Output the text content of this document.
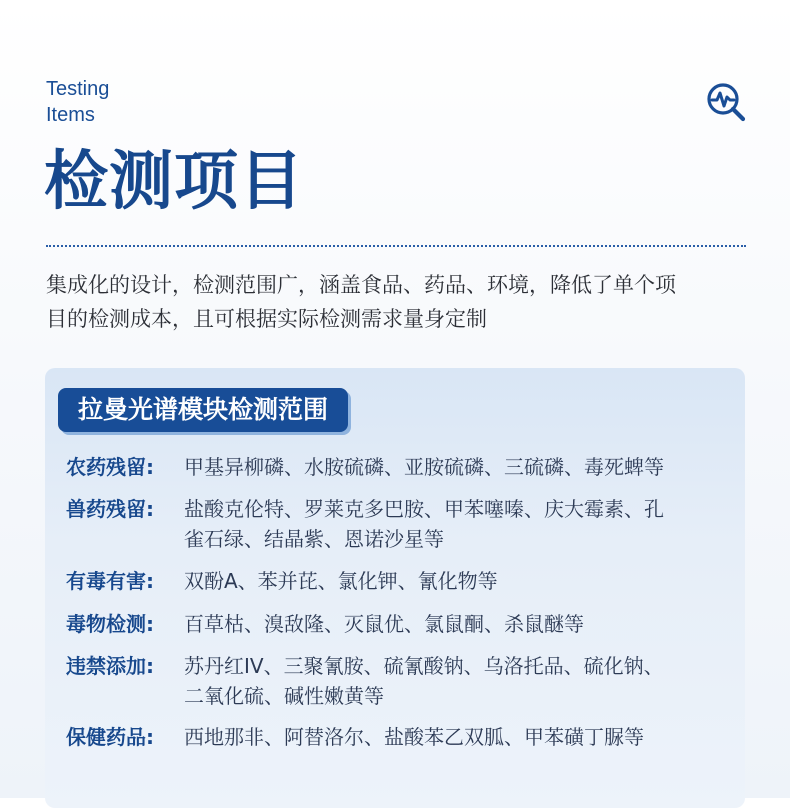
Testing
Items
检测项目
集成化的设计，检测范围广，涵盖食品、药品、环境，降低了单个项
目的检测成本，且可根据实际检测需求量身定制
拉曼光谱模块检测范围
农药残留:	甲基异柳磷、水胺硫磷、亚胺硫磷、三硫磷、毒死蜱等
兽药残留:	盐酸克伦特、罗莱克多巴胺、甲苯噻嗪、庆大霉素、孔
雀石绿、结晶紫、恩诺沙星等
有毒有害:	双酚A、苯并芘、氯化钾、氰化物等
毒物检测:	百草枯、溴敌隆、灭鼠优、氯鼠酮、杀鼠醚等
违禁添加:	苏丹红IV、三聚氰胺、硫氰酸钠、乌洛托品、硫化钠、
二氧化硫、碱性嫩黄等
保健药品:	西地那非、阿替洛尔、盐酸苯乙双胍、甲苯磺丁脲等
